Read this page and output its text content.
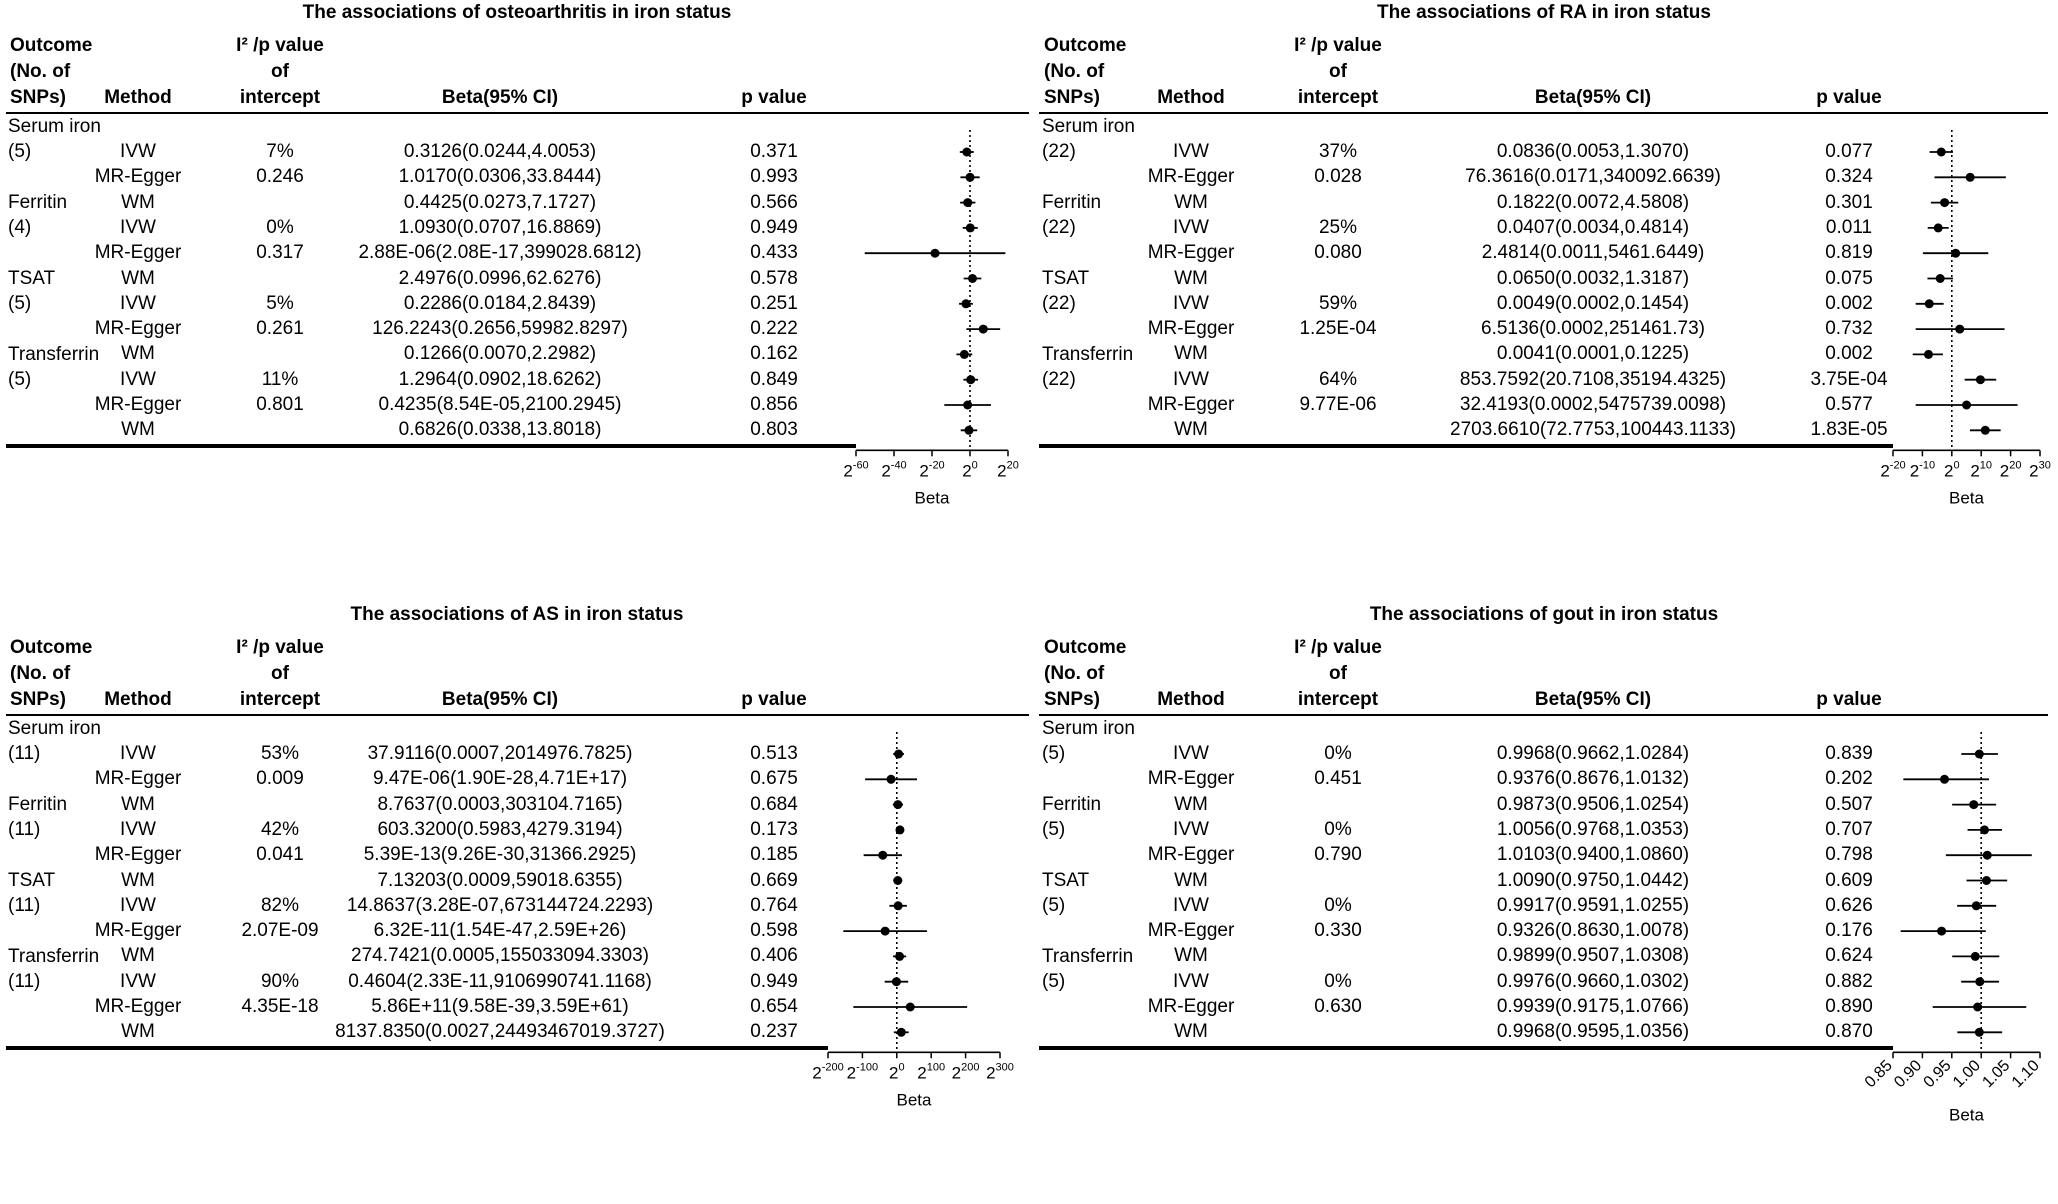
The associations of osteoarthritis in iron status
Outcome
(No. of
SNPs)	Method
I² /p value
of
intercept	Beta(95% CI)	p value
$2^{-60}$ $2^{-40}$ $2^{-20}$ $2^0$ $2^{20}$
Beta
Serum iron
(5)	IVW	7%	0.3126(0.0244,4.0053)	0.371
MR-Egger	0.246	1.0170(0.0306,33.8444)	0.993
WM	0.4425(0.0273,7.1727)	0.566
Ferritin
(4)	IVW	0%	1.0930(0.0707,16.8869)	0.949
MR-Egger	0.317	2.88E-06(2.08E-17,399028.6812)	0.433
WM	2.4976(0.0996,62.6276)	0.578
TSAT
(5)	IVW	5%	0.2286(0.0184,2.8439)	0.251
MR-Egger	0.261	126.2243(0.2656,59982.8297)	0.222
WM	0.1266(0.0070,2.2982)	0.162
Transferrin
(5)	IVW	11%	1.2964(0.0902,18.6262)	0.849
MR-Egger	0.801	0.4235(8.54E-05,2100.2945)	0.856
WM	0.6826(0.0338,13.8018)	0.803
The associations of RA in iron status
Outcome
(No. of
SNPs)	Method
I² /p value
of
intercept	Beta(95% CI)	p value
$2^{-20}$ $2^{-10}$ $2^0$ $2^{10}$ $2^{20}$ $2^{30}$
Beta
Serum iron
(22)	IVW	37%	0.0836(0.0053,1.3070)	0.077
MR-Egger	0.028	76.3616(0.0171,340092.6639)	0.324
WM	0.1822(0.0072,4.5808)	0.301
Ferritin
(22)	IVW	25%	0.0407(0.0034,0.4814)	0.011
MR-Egger	0.080	2.4814(0.0011,5461.6449)	0.819
WM	0.0650(0.0032,1.3187)	0.075
TSAT
(22)	IVW	59%	0.0049(0.0002,0.1454)	0.002
MR-Egger	1.25E-04	6.5136(0.0002,251461.73)	0.732
WM	0.0041(0.0001,0.1225)	0.002
Transferrin
(22)	IVW	64%	853.7592(20.7108,35194.4325)	3.75E-04
MR-Egger	9.77E-06	32.4193(0.0002,5475739.0098)	0.577
WM	2703.6610(72.7753,100443.1133)	1.83E-05
The associations of AS in iron status
Outcome
(No. of
SNPs)	Method
I² /p value
of
intercept	Beta(95% CI)	p value
$2^{-200}$ $2^{-100}$ $2^0$ $2^{100}$ $2^{200}$ $2^{300}$
Beta
Serum iron
(11)	IVW	53%	37.9116(0.0007,2014976.7825)	0.513
MR-Egger	0.009	9.47E-06(1.90E-28,4.71E+17)	0.675
WM	8.7637(0.0003,303104.7165)	0.684
Ferritin
(11)	IVW	42%	603.3200(0.5983,4279.3194)	0.173
MR-Egger	0.041	5.39E-13(9.26E-30,31366.2925)	0.185
WM	7.13203(0.0009,59018.6355)	0.669
TSAT
(11)	IVW	82%	14.8637(3.28E-07,673144724.2293)	0.764
MR-Egger	2.07E-09	6.32E-11(1.54E-47,2.59E+26)	0.598
WM	274.7421(0.0005,155033094.3303)	0.406
Transferrin
(11)	IVW	90%	0.4604(2.33E-11,9106990741.1168)	0.949
MR-Egger	4.35E-18	5.86E+11(9.58E-39,3.59E+61)	0.654
WM	8137.8350(0.0027,24493467019.3727)	0.237
The associations of gout in iron status
Outcome
(No. of
SNPs)	Method
I² /p value
of
intercept	Beta(95% CI)	p value
0.85
0.90
0.95
1.00
1.05
1.10
Beta
Serum iron
(5)	IVW	0%	0.9968(0.9662,1.0284)	0.839
MR-Egger	0.451	0.9376(0.8676,1.0132)	0.202
WM	0.9873(0.9506,1.0254)	0.507
Ferritin
(5)	IVW	0%	1.0056(0.9768,1.0353)	0.707
MR-Egger	0.790	1.0103(0.9400,1.0860)	0.798
WM	1.0090(0.9750,1.0442)	0.609
TSAT
(5)	IVW	0%	0.9917(0.9591,1.0255)	0.626
MR-Egger	0.330	0.9326(0.8630,1.0078)	0.176
WM	0.9899(0.9507,1.0308)	0.624
Transferrin
(5)	IVW	0%	0.9976(0.9660,1.0302)	0.882
MR-Egger	0.630	0.9939(0.9175,1.0766)	0.890
WM	0.9968(0.9595,1.0356)	0.870
